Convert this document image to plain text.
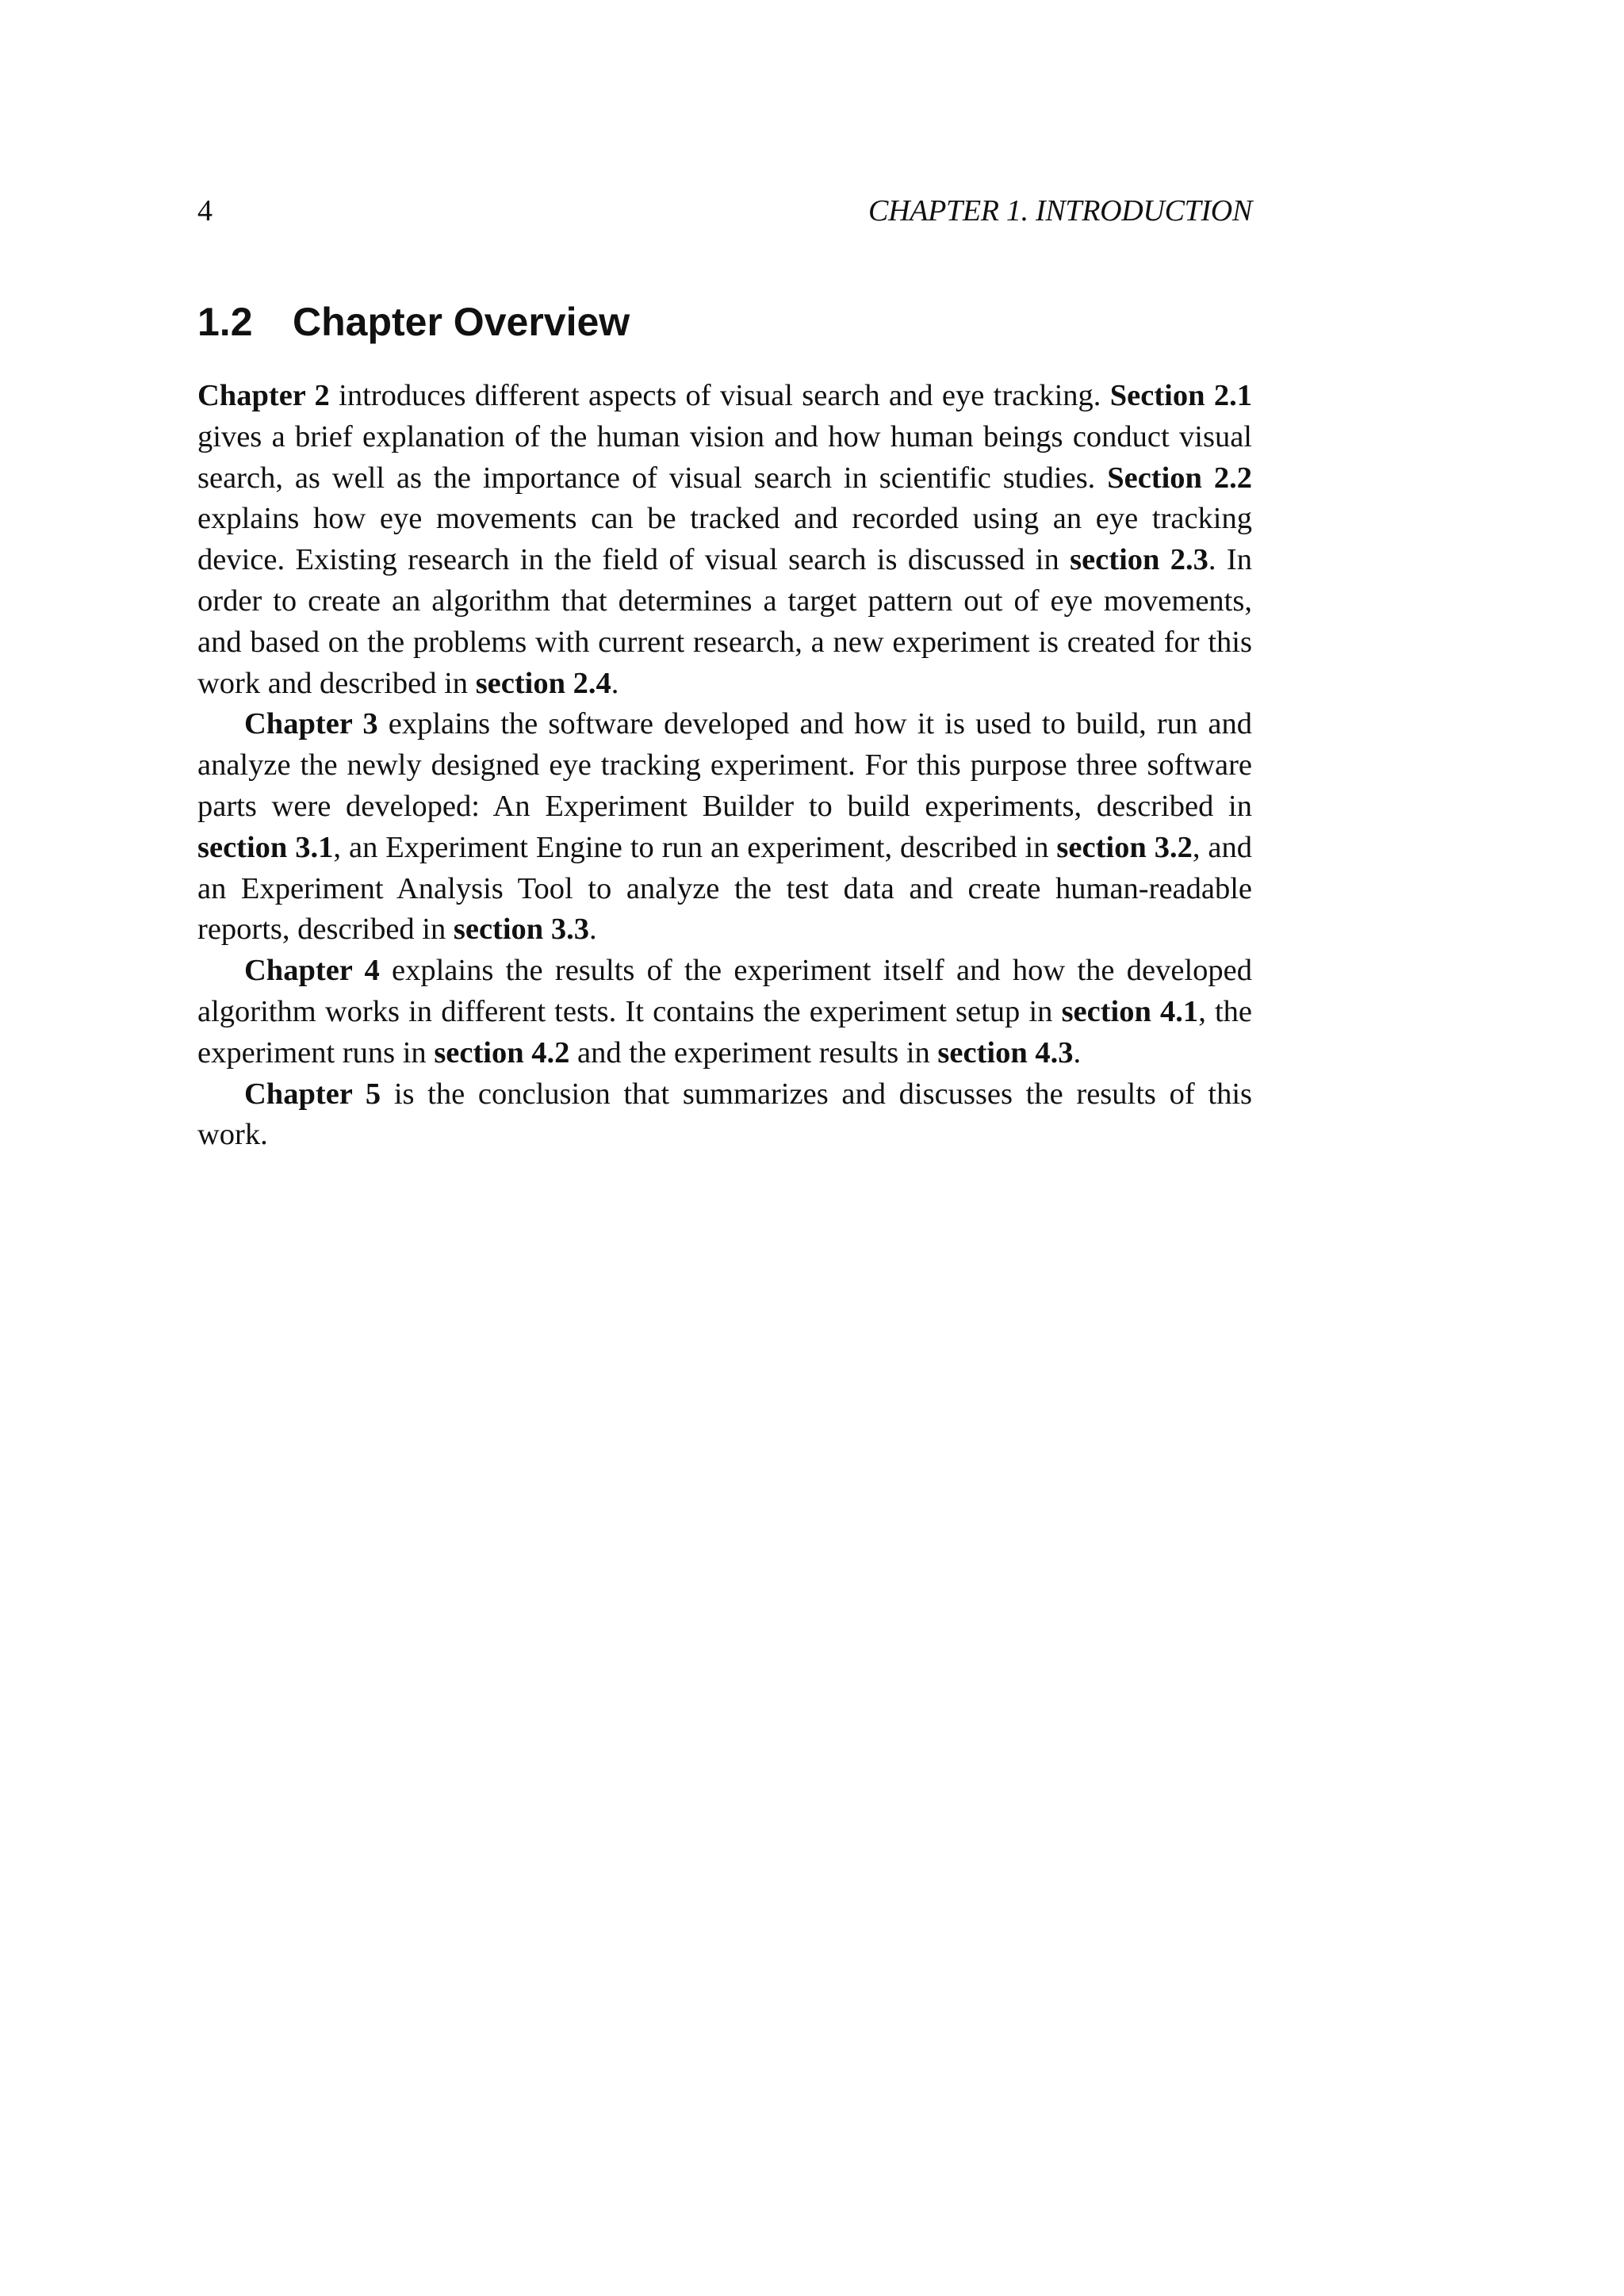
4	CHAPTER 1. INTRODUCTION
1.2 Chapter Overview

Chapter 2 introduces different aspects of visual search and eye tracking. Section 2.1 gives a brief explanation of the human vision and how human beings conduct visual search, as well as the importance of visual search in scientific studies. Section 2.2 explains how eye movements can be tracked and recorded using an eye tracking device. Existing research in the field of visual search is discussed in section 2.3. In order to create an algorithm that determines a target pattern out of eye movements, and based on the problems with current research, a new experiment is created for this work and described in section 2.4.

Chapter 3 explains the software developed and how it is used to build, run and analyze the newly designed eye tracking experiment. For this purpose three software parts were developed: An Experiment Builder to build experiments, described in section 3.1, an Experiment Engine to run an experiment, described in section 3.2, and an Experiment Analysis Tool to analyze the test data and create human-readable reports, described in section 3.3.

Chapter 4 explains the results of the experiment itself and how the developed algorithm works in different tests. It contains the experiment setup in section 4.1, the experiment runs in section 4.2 and the experiment results in section 4.3.

Chapter 5 is the conclusion that summarizes and discusses the results of this work.
